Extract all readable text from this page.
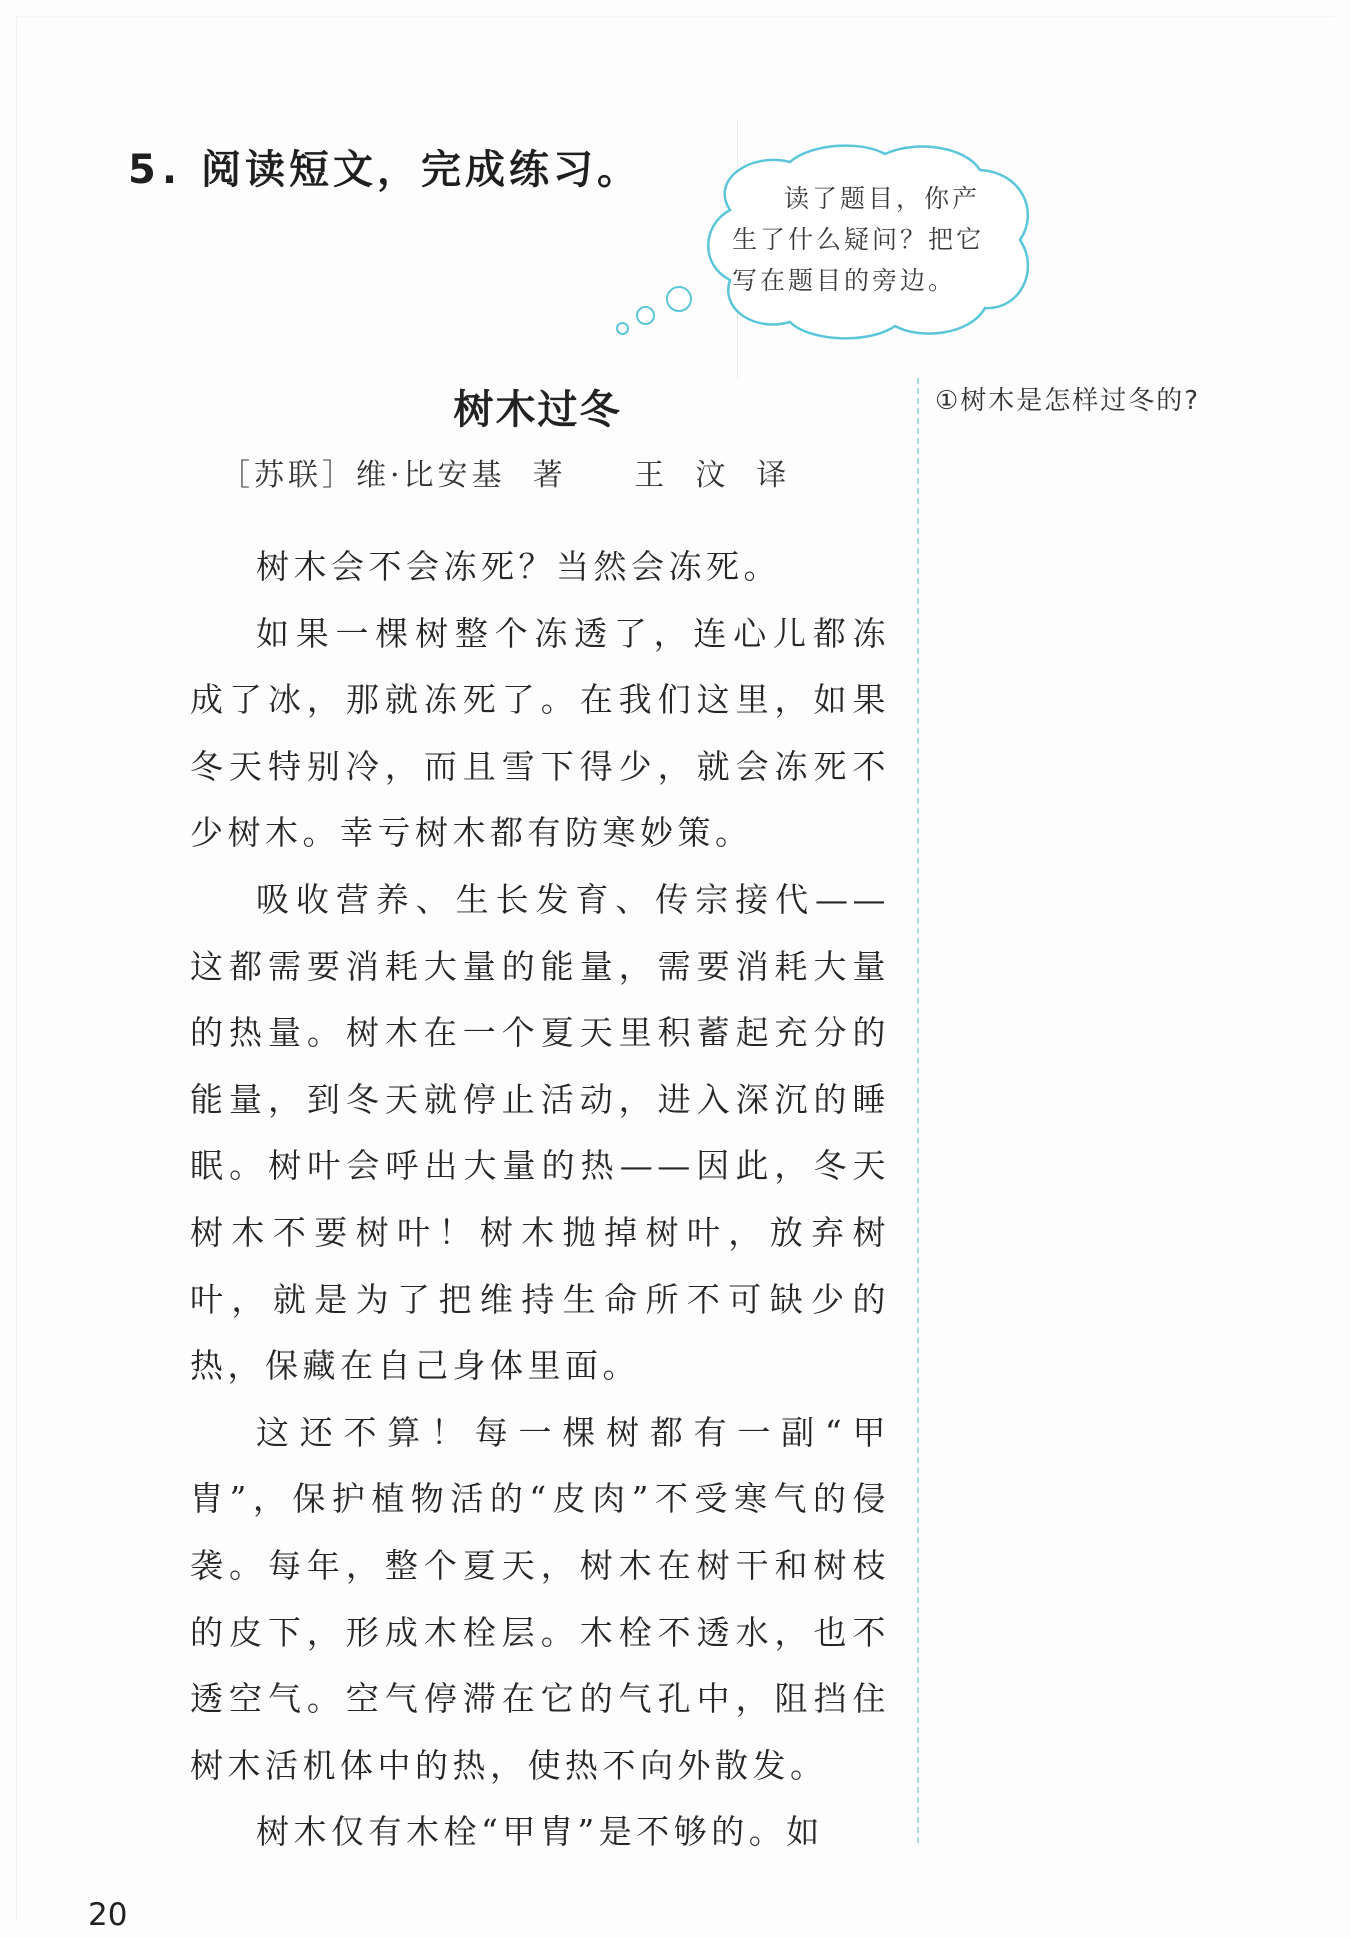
5. 阅读短文，完成练习。
读了题目，你产
生了什么疑问？把它
写在题目的旁边。
①树木是怎样过冬的?
树木过冬
［苏联］维·比安基  著     王  汶  译

树木会不会冻死？当然会冻死。

如果一棵树整个冻透了，连心儿都冻成了冰，那就冻死了。在我们这里，如果冬天特别冷，而且雪下得少，就会冻死不少树木。幸亏树木都有防寒妙策。

吸收营养、生长发育、传宗接代——这都需要消耗大量的能量，需要消耗大量的热量。树木在一个夏天里积蓄起充分的能量，到冬天就停止活动，进入深沉的睡眠。树叶会呼出大量的热——因此，冬天树木不要树叶！树木抛掉树叶，放弃树叶，就是为了把维持生命所不可缺少的热，保藏在自己身体里面。

这还不算！每一棵树都有一副“甲胄”，保护植物活的“皮肉”不受寒气的侵袭。每年，整个夏天，树木在树干和树枝的皮下，形成木栓层。木栓不透水，也不透空气。空气停滞在它的气孔中，阻挡住树木活机体中的热，使热不向外散发。

树木仅有木栓“甲胄”是不够的。如

20
